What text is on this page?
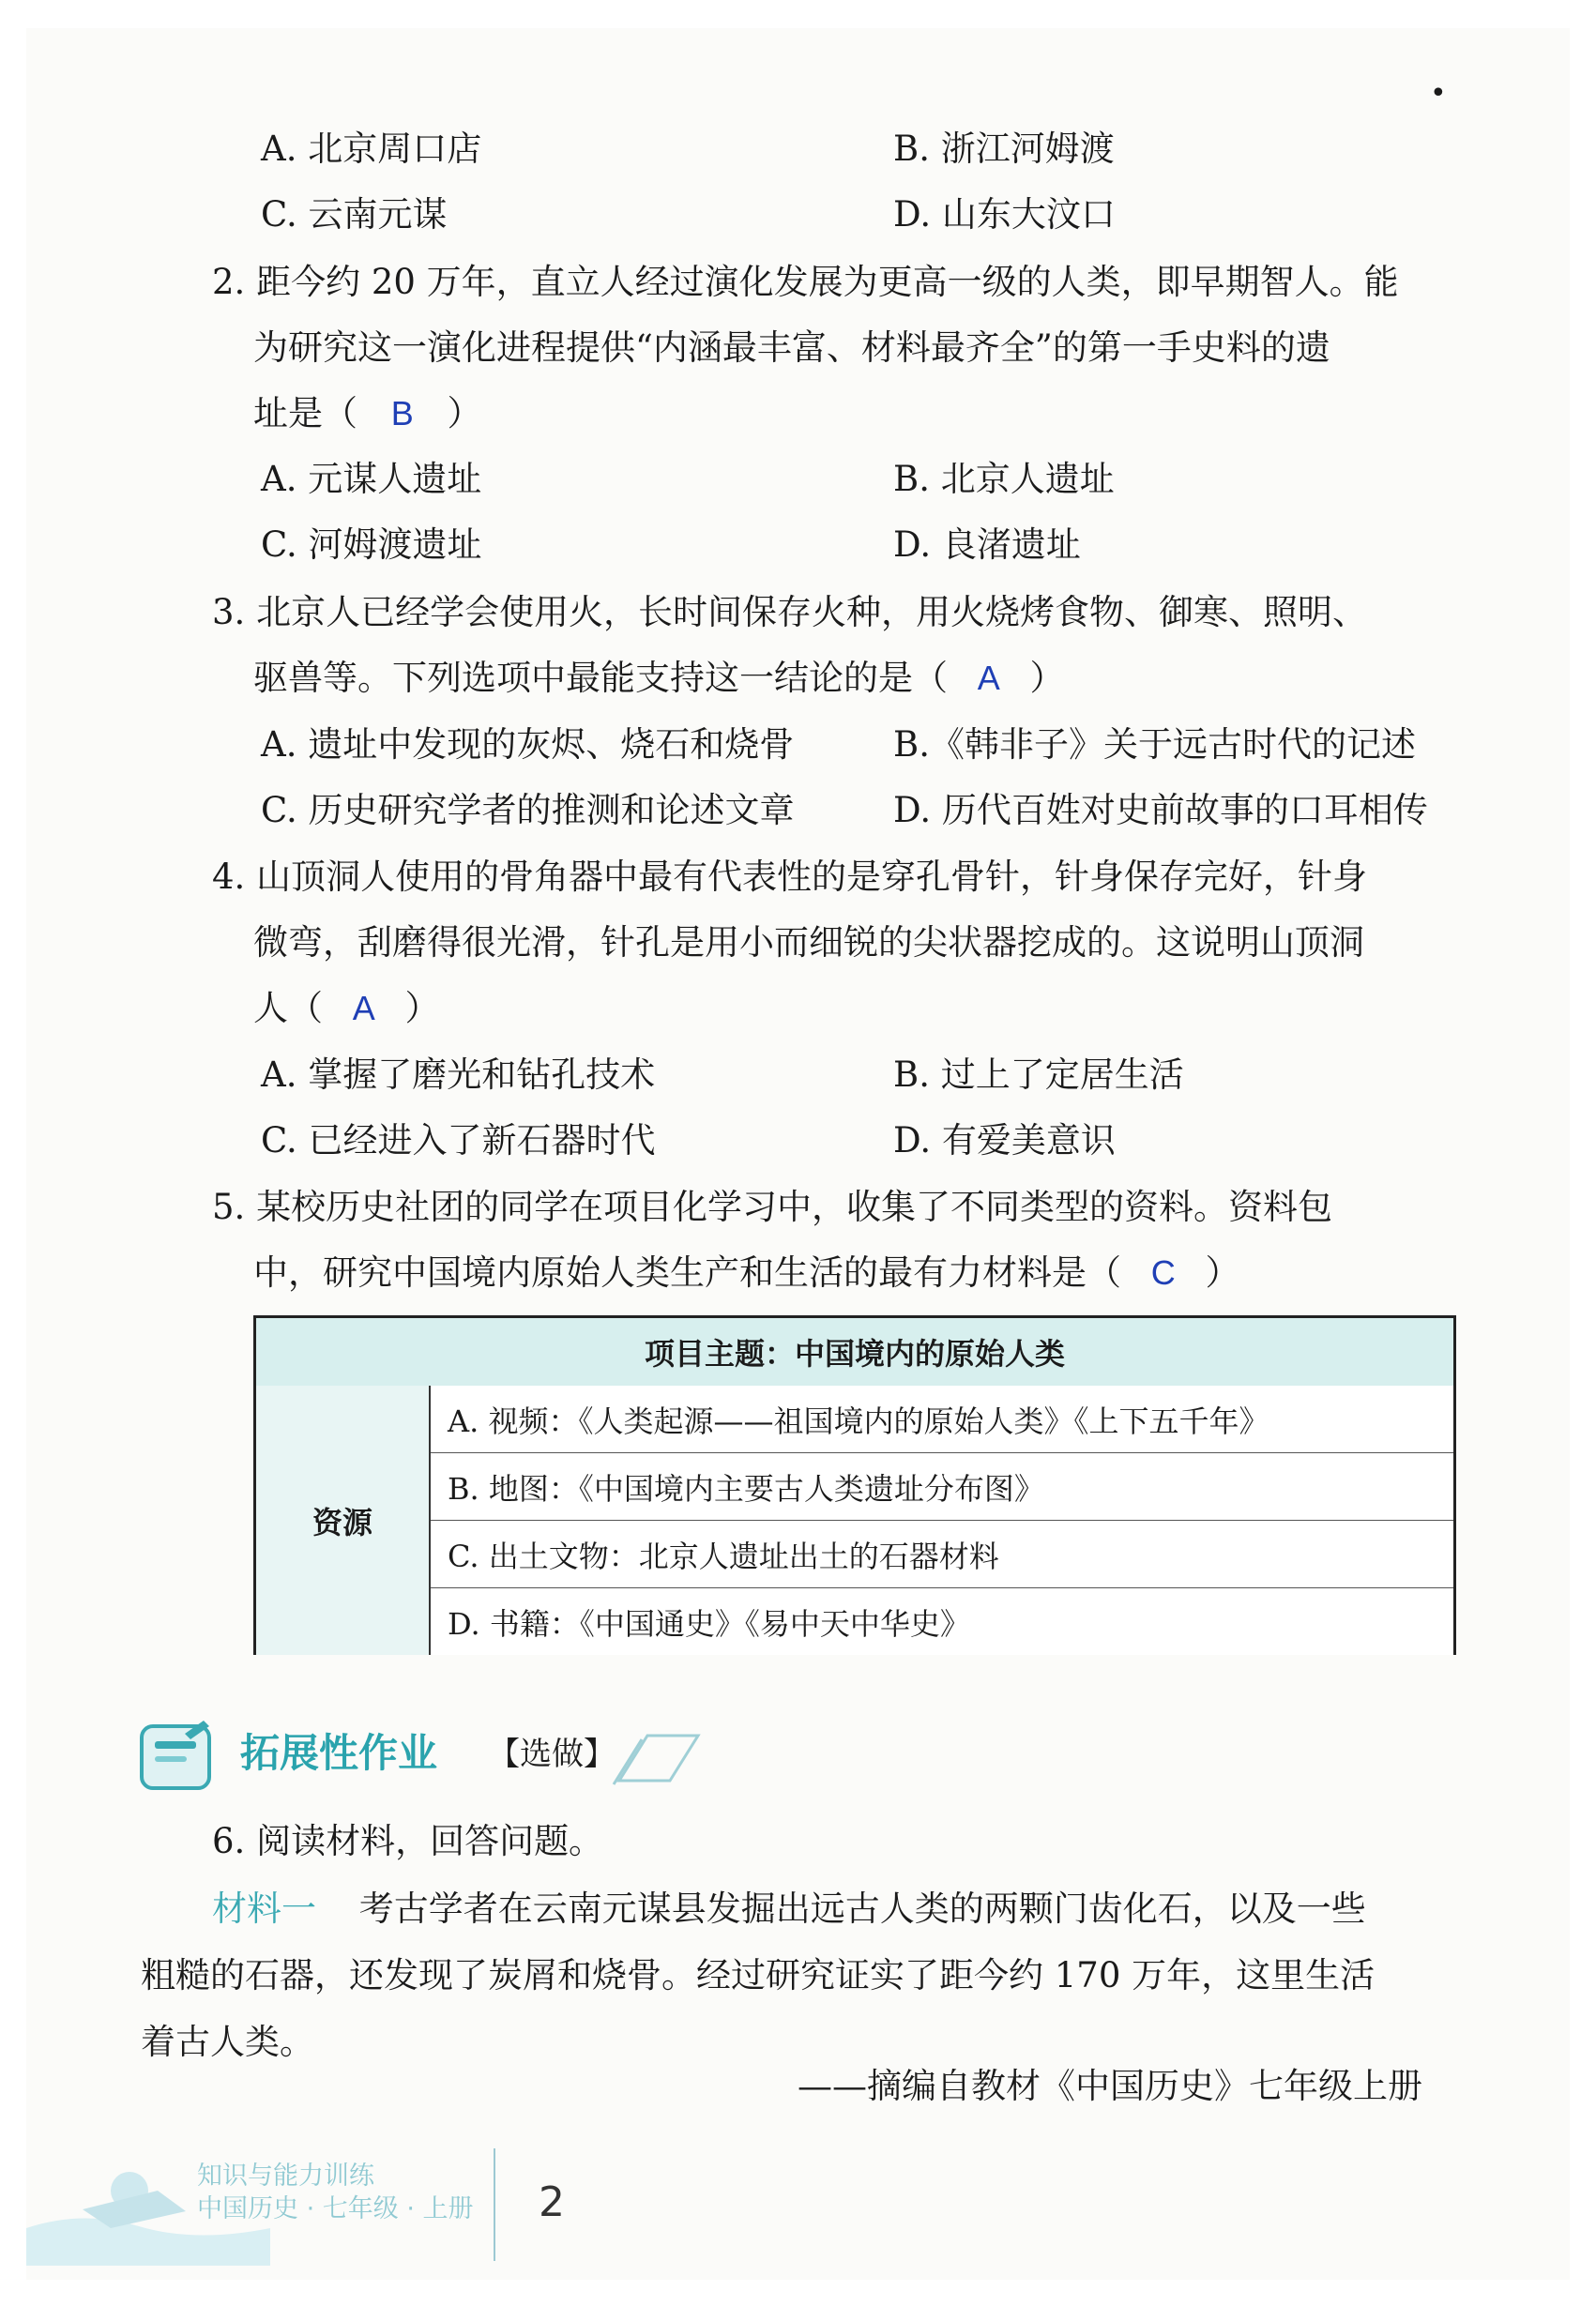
•
A. 北京周口店	B. 浙江河姆渡
C. 云南元谋	D. 山东大汶口
2. 距今约 20 万年，直立人经过演化发展为更高一级的人类，即早期智人。能
为研究这一演化进程提供“内涵最丰富、材料最齐全”的第一手史料的遗
址是（ B ）
A. 元谋人遗址	B. 北京人遗址
C. 河姆渡遗址	D. 良渚遗址
3. 北京人已经学会使用火，长时间保存火种，用火烧烤食物、御寒、照明、
驱兽等。下列选项中最能支持这一结论的是（ A ）
A. 遗址中发现的灰烬、烧石和烧骨	B.《韩非子》关于远古时代的记述
C. 历史研究学者的推测和论述文章	D. 历代百姓对史前故事的口耳相传
4. 山顶洞人使用的骨角器中最有代表性的是穿孔骨针，针身保存完好，针身
微弯，刮磨得很光滑，针孔是用小而细锐的尖状器挖成的。这说明山顶洞
人（ A ）
A. 掌握了磨光和钻孔技术	B. 过上了定居生活
C. 已经进入了新石器时代	D. 有爱美意识
5. 某校历史社团的同学在项目化学习中，收集了不同类型的资料。资料包
中，研究中国境内原始人类生产和生活的最有力材料是（ C ）
项目主题：中国境内的原始人类
资源
A. 视频：《人类起源——祖国境内的原始人类》《上下五千年》
B. 地图：《中国境内主要古人类遗址分布图》
C. 出土文物：北京人遗址出土的石器材料
D. 书籍：《中国通史》《易中天中华史》
拓展性作业 【选做】
6. 阅读材料，回答问题。
材料一 考古学者在云南元谋县发掘出远古人类的两颗门齿化石，以及一些
粗糙的石器，还发现了炭屑和烧骨。经过研究证实了距今约 170 万年，这里生活
着古人类。
——摘编自教材《中国历史》七年级上册
知识与能力训练
中国历史 · 七年级 · 上册 2
